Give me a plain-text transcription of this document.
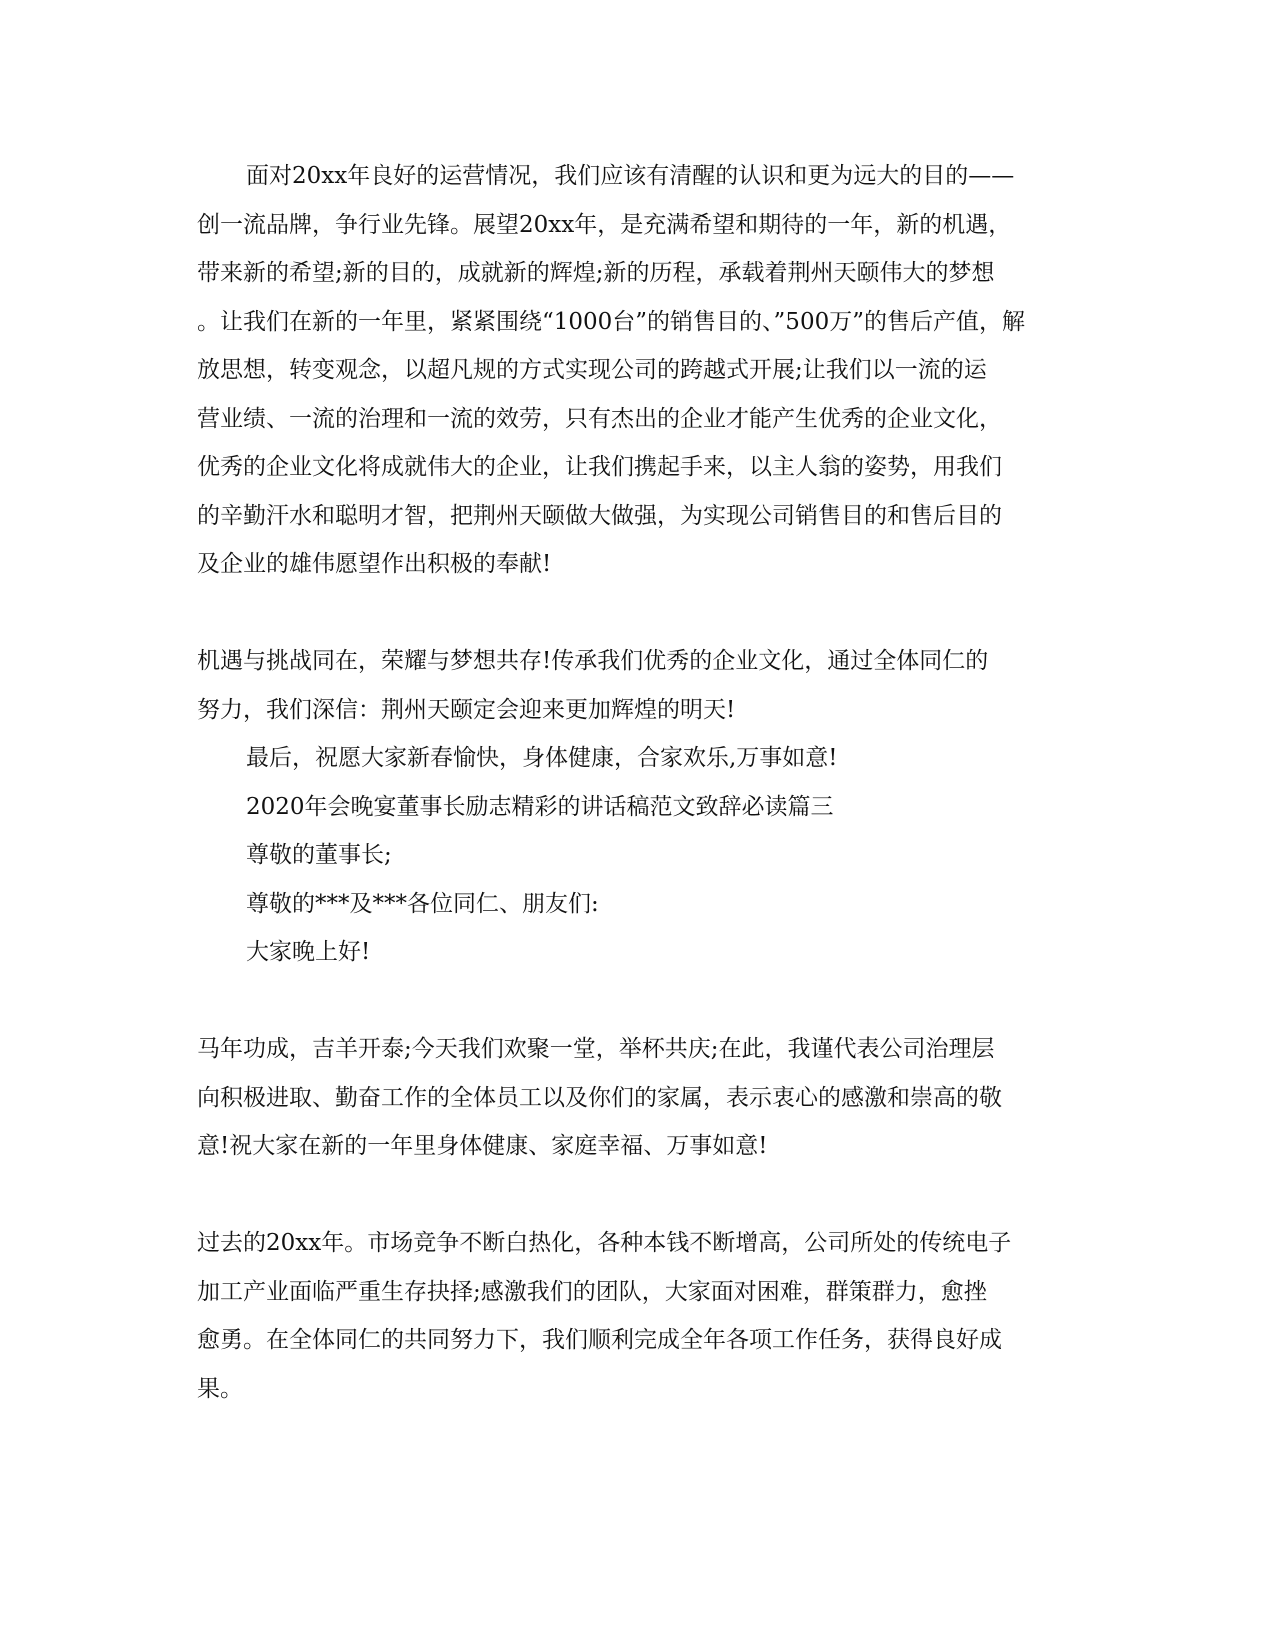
面对20xx年良好的运营情况，我们应该有清醒的认识和更为远大的目的——
创一流品牌，争行业先锋。展望20xx年，是充满希望和期待的一年，新的机遇，
带来新的希望;新的目的，成就新的辉煌;新的历程，承载着荆州天颐伟大的梦想
。让我们在新的一年里，紧紧围绕“1000台”的销售目的、”500万”的售后产值，解
放思想，转变观念，以超凡规的方式实现公司的跨越式开展;让我们以一流的运
营业绩、一流的治理和一流的效劳，只有杰出的企业才能产生优秀的企业文化，
优秀的企业文化将成就伟大的企业，让我们携起手来，以主人翁的姿势，用我们
的辛勤汗水和聪明才智，把荆州天颐做大做强，为实现公司销售目的和售后目的
及企业的雄伟愿望作出积极的奉献!
机遇与挑战同在，荣耀与梦想共存!传承我们优秀的企业文化，通过全体同仁的
努力，我们深信：荆州天颐定会迎来更加辉煌的明天!
最后，祝愿大家新春愉快，身体健康，合家欢乐,万事如意!
2020年会晚宴董事长励志精彩的讲话稿范文致辞必读篇三
尊敬的董事长;
尊敬的***及***各位同仁、朋友们:
大家晚上好!
马年功成，吉羊开泰;今天我们欢聚一堂，举杯共庆;在此，我谨代表公司治理层
向积极进取、勤奋工作的全体员工以及你们的家属，表示衷心的感激和崇高的敬
意!祝大家在新的一年里身体健康、家庭幸福、万事如意!
过去的20xx年。市场竞争不断白热化，各种本钱不断增高，公司所处的传统电子
加工产业面临严重生存抉择;感激我们的团队，大家面对困难，群策群力，愈挫
愈勇。在全体同仁的共同努力下，我们顺利完成全年各项工作任务，获得良好成
果。
